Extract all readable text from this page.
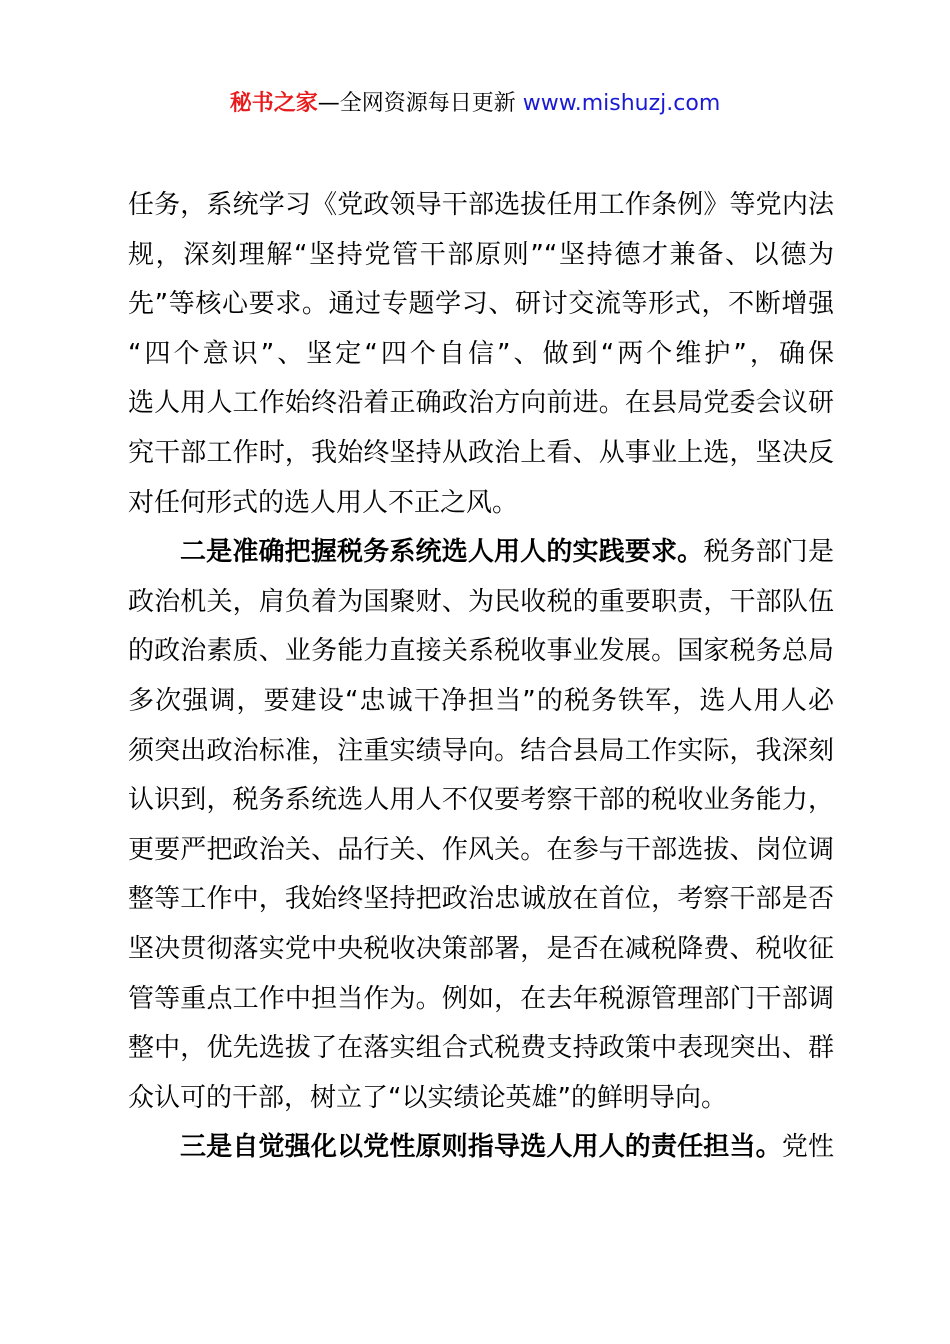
秘书之家—全网资源每日更新 www.mishuzj.com
任务，系统学习《党政领导干部选拔任用工作条例》等党内法
规，深刻理解“坚持党管干部原则”“坚持德才兼备、以德为
先”等核心要求。通过专题学习、研讨交流等形式，不断增强
“四个意识”、坚定“四个自信”、做到“两个维护”，确保
选人用人工作始终沿着正确政治方向前进。在县局党委会议研
究干部工作时，我始终坚持从政治上看、从事业上选，坚决反
对任何形式的选人用人不正之风。
二是准确把握税务系统选人用人的实践要求。税务部门是
政治机关，肩负着为国聚财、为民收税的重要职责，干部队伍
的政治素质、业务能力直接关系税收事业发展。国家税务总局
多次强调，要建设“忠诚干净担当”的税务铁军，选人用人必
须突出政治标准，注重实绩导向。结合县局工作实际，我深刻
认识到，税务系统选人用人不仅要考察干部的税收业务能力，
更要严把政治关、品行关、作风关。在参与干部选拔、岗位调
整等工作中，我始终坚持把政治忠诚放在首位，考察干部是否
坚决贯彻落实党中央税收决策部署，是否在减税降费、税收征
管等重点工作中担当作为。例如，在去年税源管理部门干部调
整中，优先选拔了在落实组合式税费支持政策中表现突出、群
众认可的干部，树立了“以实绩论英雄”的鲜明导向。
三是自觉强化以党性原则指导选人用人的责任担当。党性
